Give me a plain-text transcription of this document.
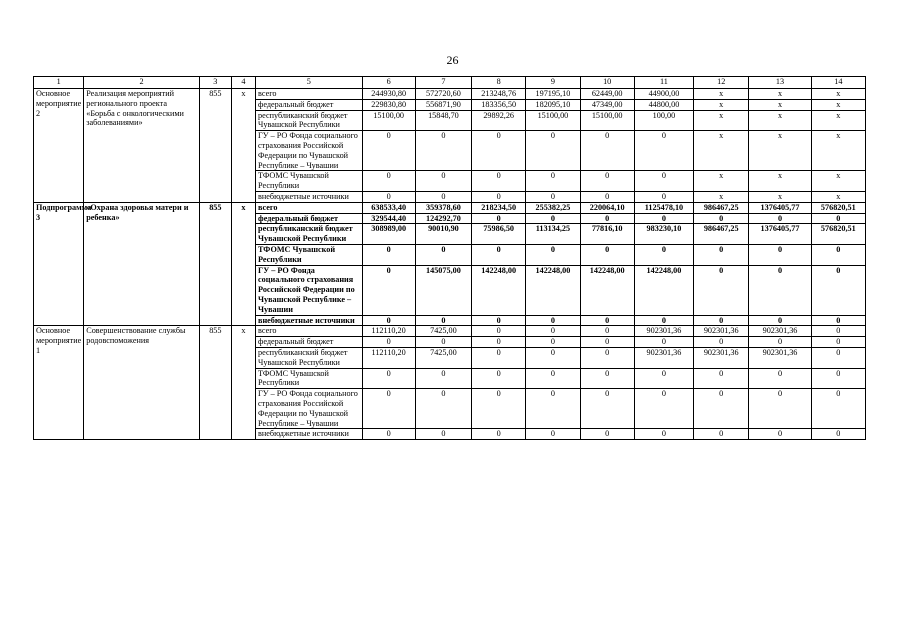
26
1	2	3	4	5	6	7	8	9	10	11	12	13	14
Основное мероприятие 2	Реализация мероприятий регионального проекта «Борьба с онкологическими заболеваниями»	855	x	всего	244930,80	572720,60	213248,76	197195,10	62449,00	44900,00	x	x	x
				федеральный бюджет	229830,80	556871,90	183356,50	182095,10	47349,00	44800,00	x	x	x
				республиканский бюджет Чувашской Республики	15100,00	15848,70	29892,26	15100,00	15100,00	100,00	x	x	x
				ГУ – РО Фонда социального страхования Российской Федерации по Чувашской Республике – Чувашии	0	0	0	0	0	0	x	x	x
				ТФОМС Чувашской Республики	0	0	0	0	0	0	x	x	x
				внебюджетные источники	0	0	0	0	0	0	x	x	x
Подпрограмма 3	«Охрана здоровья матери и ребенка»	855	x	всего	638533,40	359378,60	218234,50	255382,25	220064,10	1125478,10	986467,25	1376405,77	576820,51
				федеральный бюджет	329544,40	124292,70	0	0	0	0	0	0	0
				республиканский бюджет Чувашской Республики	308989,00	90010,90	75986,50	113134,25	77816,10	983230,10	986467,25	1376405,77	576820,51
				ТФОМС Чувашской Республики	0	0	0	0	0	0	0	0	0
				ГУ – РО Фонда социального страхования Российской Федерации по Чувашской Республике – Чувашии	0	145075,00	142248,00	142248,00	142248,00	142248,00	0	0	0
				внебюджетные источники	0	0	0	0	0	0	0	0	0
Основное мероприятие 1	Совершенствование службы родовспоможения	855	x	всего	112110,20	7425,00	0	0	0	902301,36	902301,36	902301,36	0
				федеральный бюджет	0	0	0	0	0	0	0	0	0
				республиканский бюджет Чувашской Республики	112110,20	7425,00	0	0	0	902301,36	902301,36	902301,36	0
				ТФОМС Чувашской Республики	0	0	0	0	0	0	0	0	0
				ГУ – РО Фонда социального страхования Российской Федерации по Чувашской Республике – Чувашии	0	0	0	0	0	0	0	0	0
				внебюджетные источники	0	0	0	0	0	0	0	0	0
